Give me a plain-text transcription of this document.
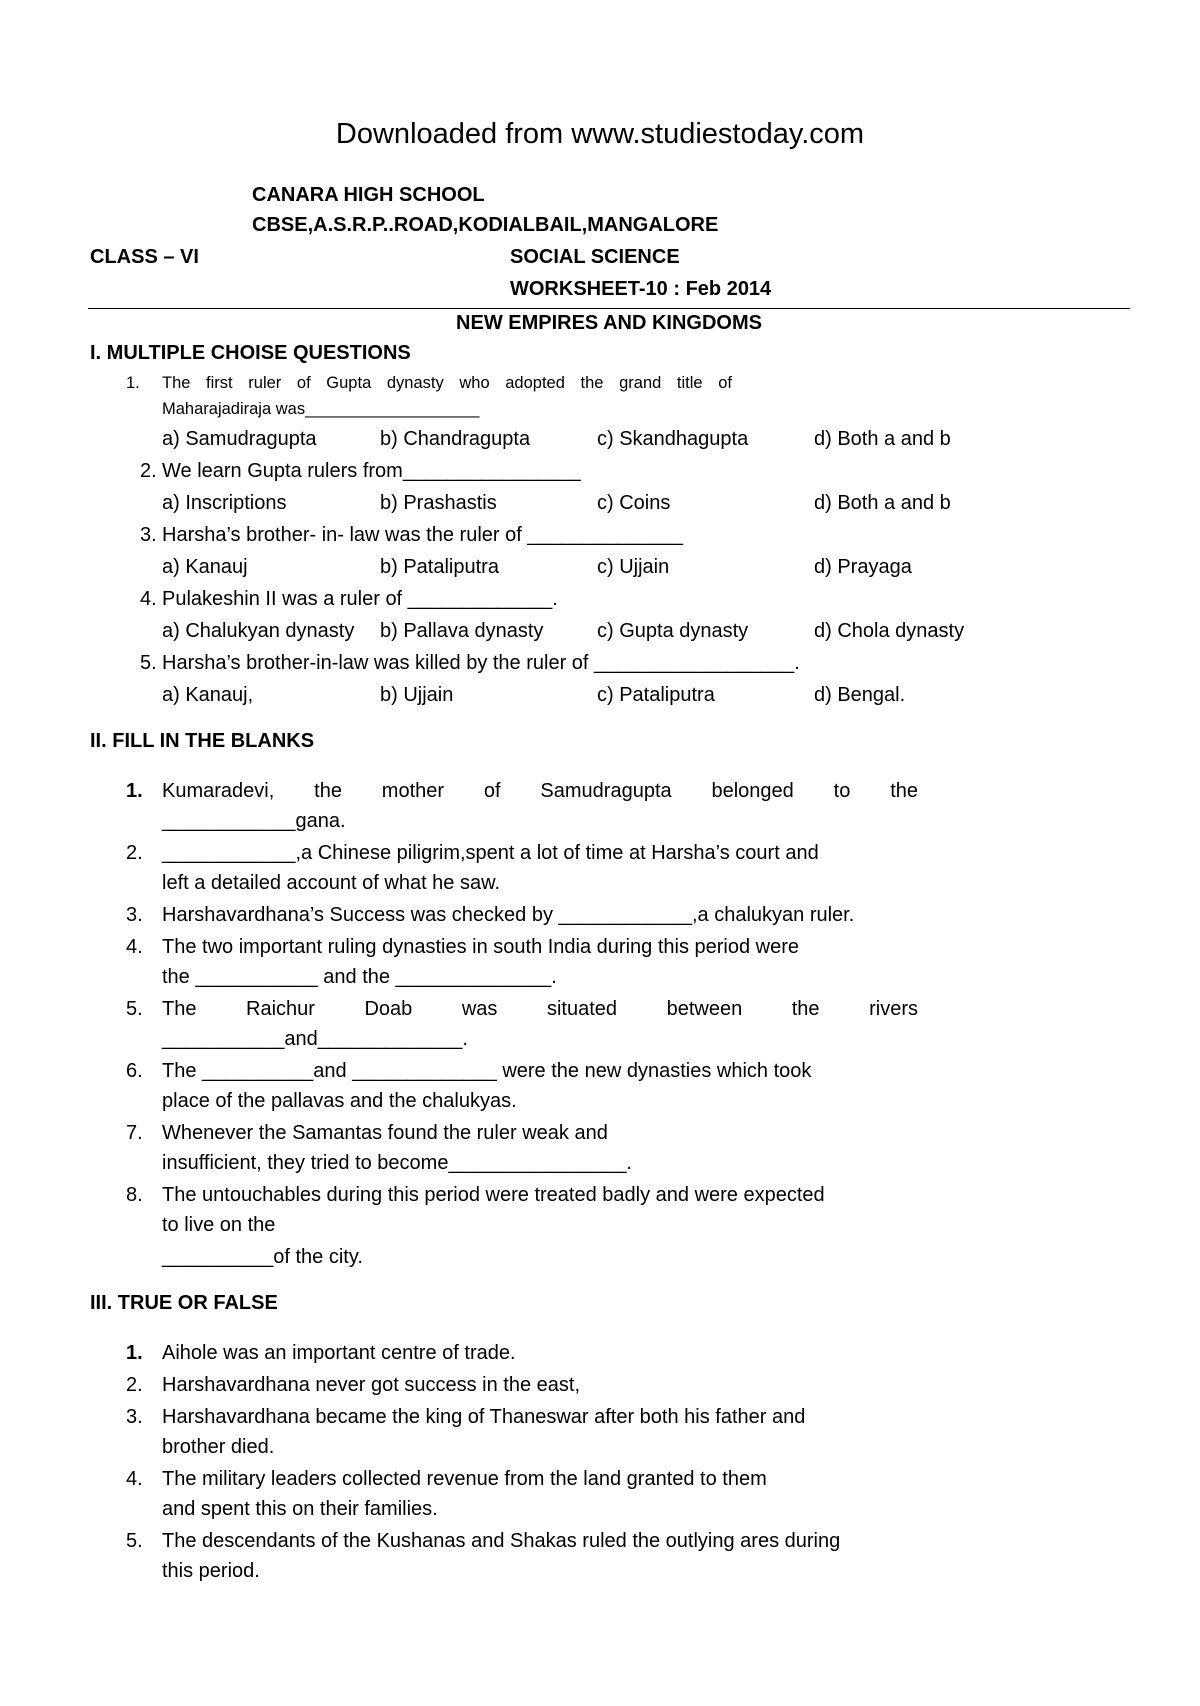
Downloaded from www.studiestoday.com
CANARA HIGH SCHOOL
CBSE,A.S.R.P..ROAD,KODIALBAIL,MANGALORE
CLASS – VI	SOCIAL SCIENCE
WORKSHEET-10 : Feb 2014
NEW EMPIRES AND KINGDOMS
I. MULTIPLE CHOISE QUESTIONS
1. The first ruler of Gupta dynasty who adopted the grand title of
Maharajadiraja was___________________
a) Samudragupta	b) Chandragupta	c) Skandhagupta	d) Both a and b
2. We learn Gupta rulers from________________
a) Inscriptions	b) Prashastis	c) Coins	d) Both a and b
3. Harsha’s brother- in- law was the ruler of ______________
a) Kanauj	b) Pataliputra	c) Ujjain	d) Prayaga
4. Pulakeshin II was a ruler of _____________.
a) Chalukyan dynasty b) Pallava dynasty	c) Gupta dynasty	d) Chola dynasty
5. Harsha’s brother-in-law was killed by the ruler of __________________.
a) Kanauj,	b) Ujjain	c) Pataliputra	d) Bengal.
II. FILL IN THE BLANKS
1. Kumaradevi, the mother of Samudragupta belonged to the
____________gana.
2. ____________,a Chinese piligrim,spent a lot of time at Harsha’s court and
left a detailed account of what he saw.
3. Harshavardhana’s Success was checked by ____________,a chalukyan ruler.
4. The two important ruling dynasties in south India during this period were
the ___________ and the ______________.
5. The Raichur Doab was situated between the rivers
___________and_____________.
6. The __________and _____________ were the new dynasties which took
place of the pallavas and the chalukyas.
7. Whenever the Samantas found the ruler weak and
insufficient, they tried to become________________.
8. The untouchables during this period were treated badly and were expected
to live on the
__________of the city.
III. TRUE OR FALSE
1. Aihole was an important centre of trade.
2. Harshavardhana never got success in the east,
3. Harshavardhana became the king of Thaneswar after both his father and
brother died.
4. The military leaders collected revenue from the land granted to them
and spent this on their families.
5. The descendants of the Kushanas and Shakas ruled the outlying ares during
this period.
